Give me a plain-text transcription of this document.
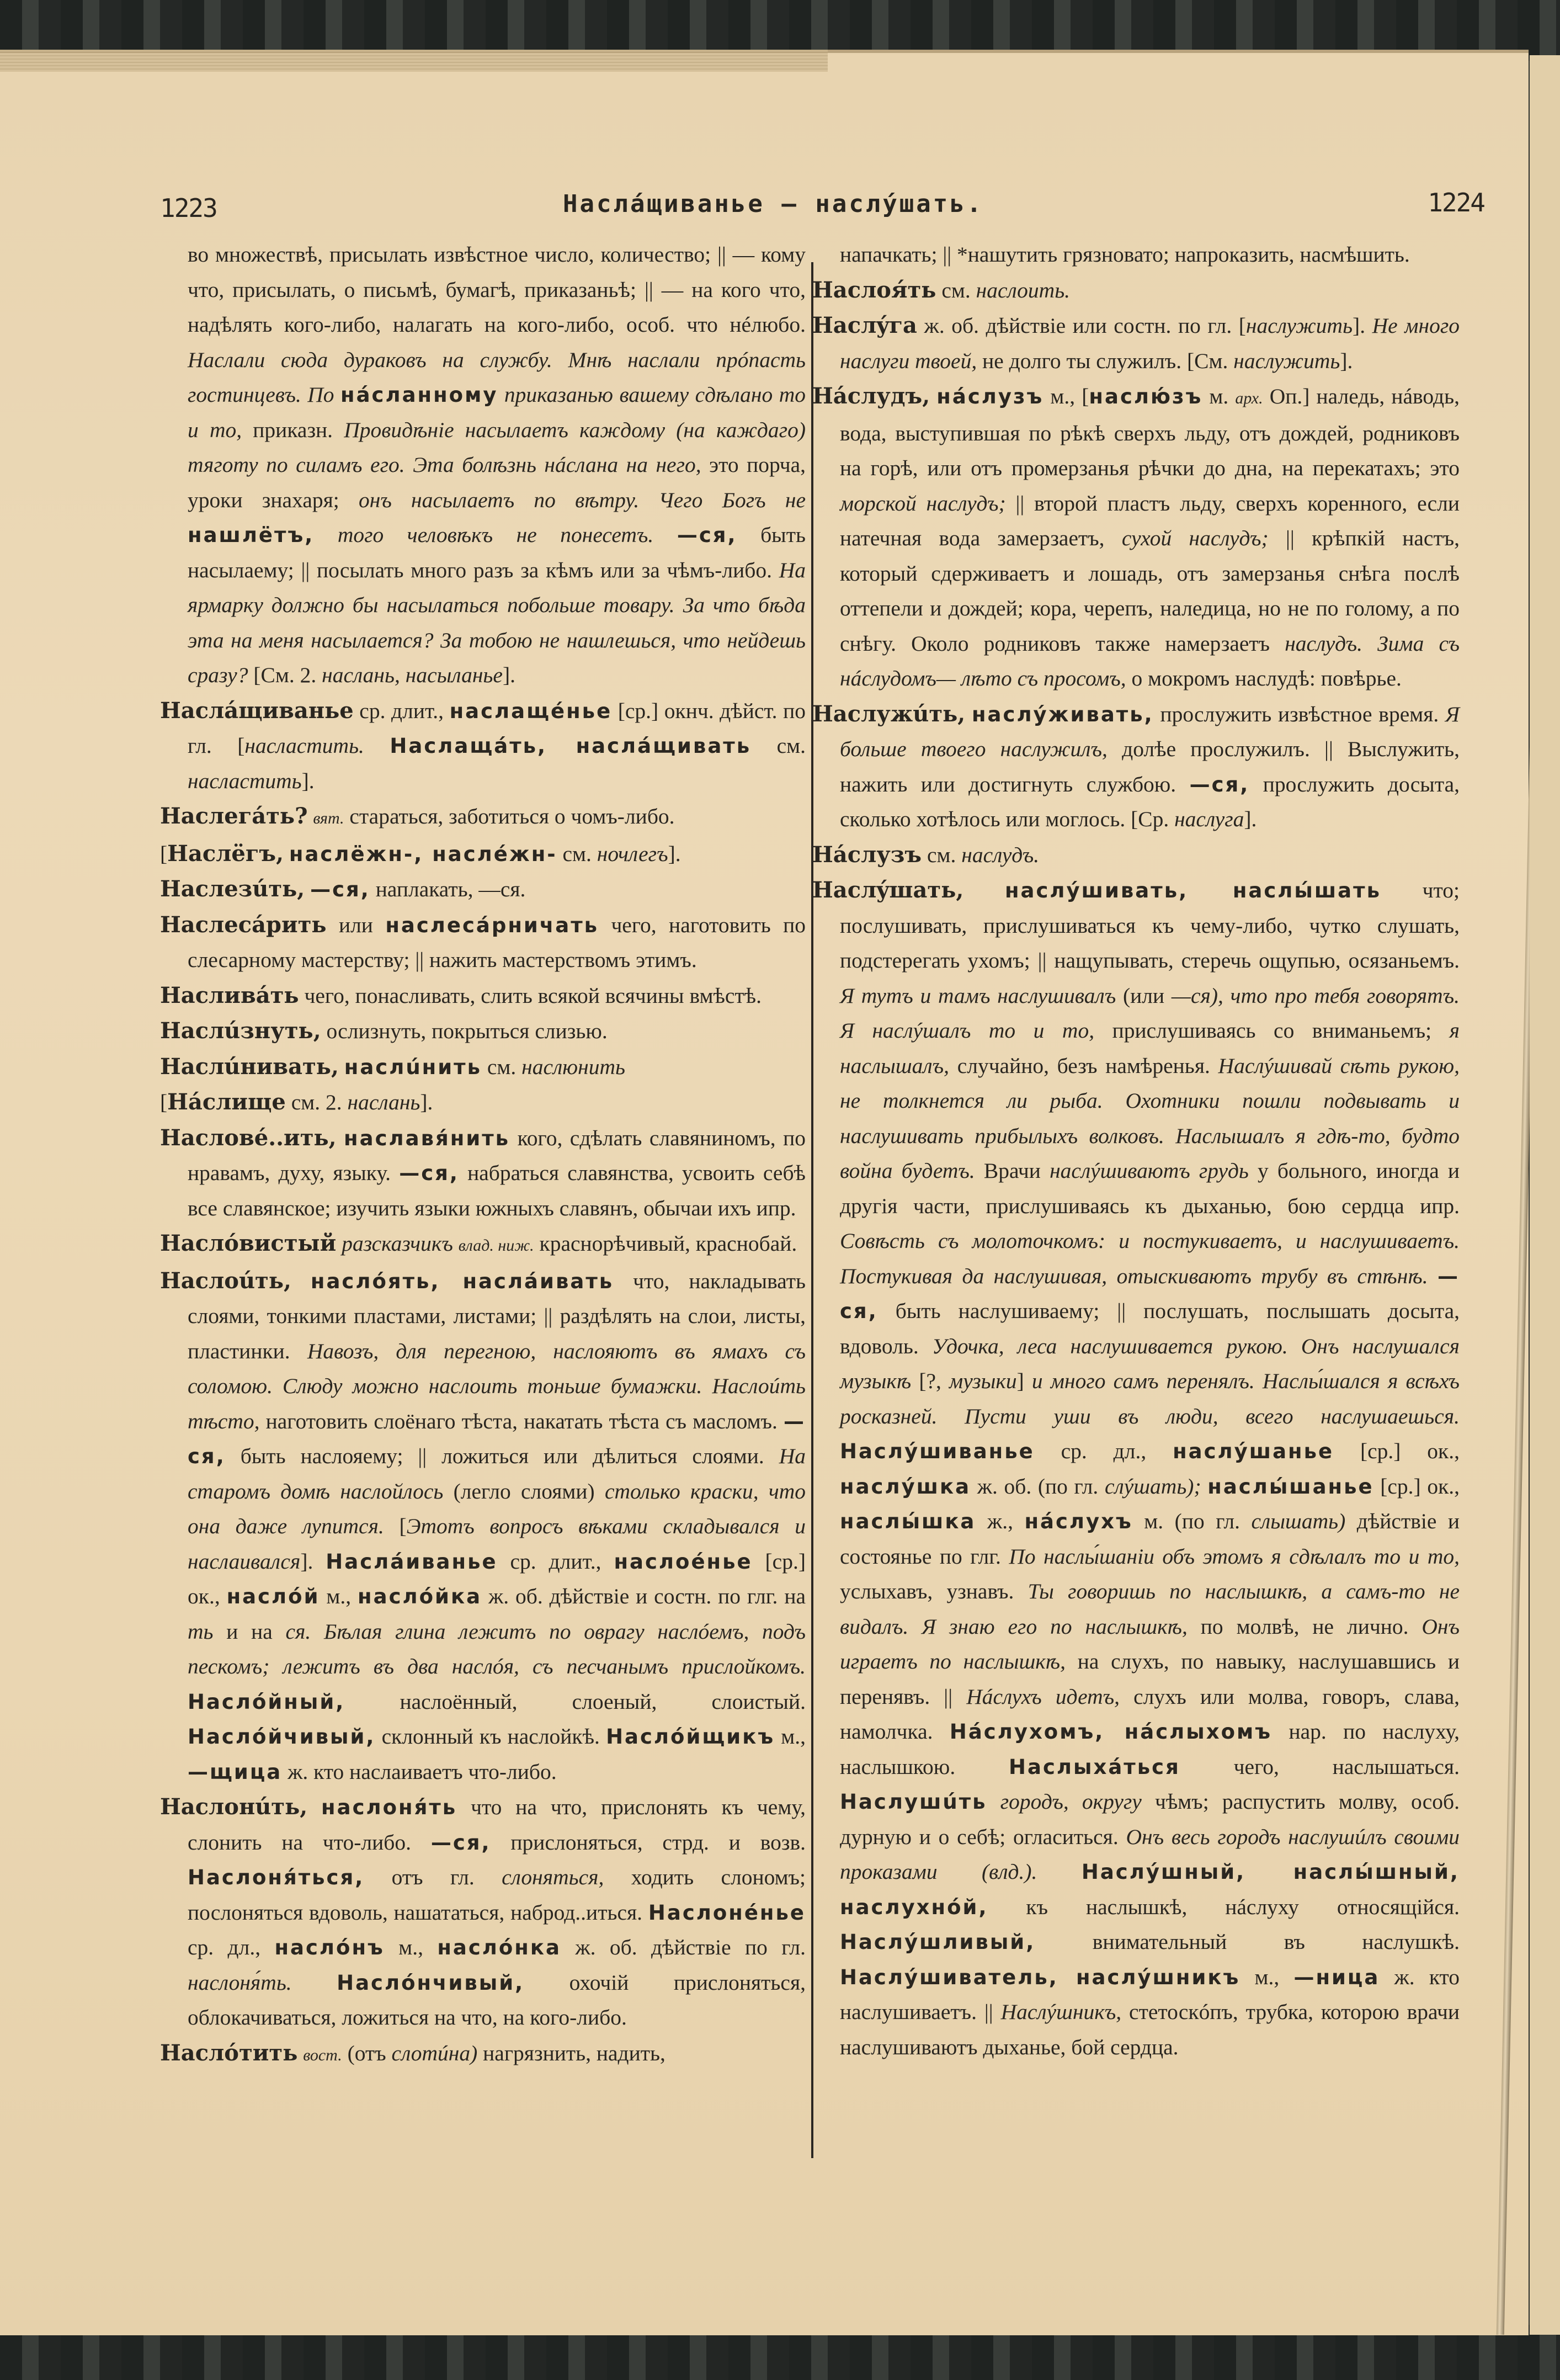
1223	Наслáщиванье — наслýшать.	1224

во множествѣ, присылать извѣстное число, количество; || — кому что, присылать, о письмѣ, бумагѣ, приказаньѣ; || — на кого что, надѣлять кого-либо, налагать на кого-либо, особ. что нéлюбо. Наслали сюда дураковъ на службу. Мнѣ наслали прóпасть гостинцевъ. По нáсланному приказанью вашему сдѣлано то и то, приказн. Провидѣніе насылаетъ каждому (на каждаго) тяготу по силамъ его. Эта болѣзнь нáслана на него, это порча, уроки знахаря; онъ насылаетъ по вѣтру. Чего Богъ не нашлётъ, того человѣкъ не понесетъ. —ся, быть насылаему; || посылать много разъ за кѣмъ или за чѣмъ-либо. На ярмарку должно бы насылаться побольше товару. За что бѣда эта на меня насылается? За тобою не нашлешься, что нейдешь сразу? [См. 2. наслань, насыланье].

Наслáщиванье ср. длит., наслащéнье [ср.] окнч. дѣйст. по гл. [насластить. Наслащáть, наслáщивать см. насластить].

Наслегáть? вят. стараться, заботиться о чомъ-либо.

[Наслёгъ, наслёжн-, наслéжн- см. ночлегъ].

Наслезúть, —ся, наплакать, —ся.

Наслесáрить или наслесáрничать чего, наготовить по слесарному мастерству; || нажить мастерствомъ этимъ.

Насливáть чего, понасливать, слить всякой всячины вмѣстѣ.

Наслúзнуть, ослизнуть, покрыться слизью.

Наслúнивать, наслúнить см. наслюнить

[Нáслище см. 2. наслань].

Насловé..ить, наславя́нить кого, сдѣлать славяниномъ, по нравамъ, духу, языку. —ся, набраться славянства, усвоить себѣ все славянское; изучить языки южныхъ славянъ, обычаи ихъ ипр.

Наслóвистый разсказчикъ влад. ниж. краснорѣчивый, краснобай.

Наслоúть, насло́ять, наслáивать что, накладывать слоями, тонкими пластами, листами; || раздѣлять на слои, листы, пластинки. Навозъ, для перегною, наслояютъ въ ямахъ съ соломою. Слюду можно наслоить тоньше бумажки. Наслоúть тѣсто, наготовить слоёнаго тѣста, накатать тѣста съ масломъ. —ся, быть наслояему; || ложиться или дѣлиться слоями. На старомъ домѣ наслойлось (легло слоями) столько краски, что она даже лупится. [Этотъ вопросъ вѣками складывался и наслаивался]. Наслáиванье ср. длит., наслоéнье [ср.] ок., наслóй м., наслóйка ж. об. дѣйствіе и состн. по глг. на ть и на ся. Бѣлая глина лежитъ по оврагу наслóемъ, подъ пескомъ; лежитъ въ два наслóя, съ песчанымъ прислойкомъ. Наслóйный, наслоённый, слоеный, слоистый. Наслóйчивый, склонный къ наслойкѣ. Наслóйщикъ м., —щица ж. кто наслаиваетъ что-либо.

Наслонúть, наслоня́ть что на что, прислонять къ чему, слонить на что-либо. —ся, прислоняться, стрд. и возв. Наслоня́ться, отъ гл. слоняться, ходить слономъ; послоняться вдоволь, нашататься, наброд..иться. Наслонéнье ср. дл., наслóнъ м., наслóнка ж. об. дѣйствіе по гл. наслоня́ть. Наслóнчивый, охочій прислоняться, облокачиваться, ложиться на что, на кого-либо.

Наслóтить вост. (отъ слотúна) нагрязнить, надить,

напачкать; || *нашутить грязновато; напроказить, насмѣшить.

Наслоя́ть см. наслоить.

Наслýга ж. об. дѣйствіе или состн. по гл. [наслужить]. Не много наслуги твоей, не долго ты служилъ. [См. наслужить].

Нáслудъ, нáслузъ м., [наслю́зъ м. арх. Оп.] наледь, нáводь, вода, выступившая по рѣкѣ сверхъ льду, отъ дождей, родниковъ на горѣ, или отъ промерзанья рѣчки до дна, на перекатахъ; это морской наслудъ; || второй пластъ льду, сверхъ коренного, если натечная вода замерзаетъ, сухой наслудъ; || крѣпкій настъ, который сдерживаетъ и лошадь, отъ замерзанья снѣга послѣ оттепели и дождей; кора, черепъ, наледица, но не по голому, а по снѣгу. Около родниковъ также намерзаетъ наслудъ. Зима съ нáслудомъ— лѣто съ просомъ, о мокромъ наслудѣ: повѣрье.

Наслужúть, наслýживать, прослужить извѣстное время. Я больше твоего наслужилъ, долѣе прослужилъ. || Выслужить, нажить или достигнуть службою. —ся, прослужить досыта, сколько хотѣлось или моглось. [Ср. наслуга].

Нáслузъ см. наслудъ.

Наслýшать, наслýшивать, наслы́шать что; послушивать, прислушиваться къ чему-либо, чутко слушать, подстерегать ухомъ; || нащупывать, стеречь ощупью, осязаньемъ. Я тутъ и тамъ наслушивалъ (или —ся), что про тебя говорятъ. Я наслýшалъ то и то, прислушиваясь со вниманьемъ; я наслышалъ, случайно, безъ намѣренья. Наслýшивай сѣть рукою, не толкнется ли рыба. Охотники пошли подвывать и наслушивать прибылыхъ волковъ. Наслышалъ я гдѣ-то, будто война будетъ. Врачи наслýшиваютъ грудь у больного, иногда и другія части, прислушиваясь къ дыханью, бою сердца ипр. Совѣсть съ молоточкомъ: и постукиваетъ, и наслушиваетъ. Постукивая да наслушивая, отыскиваютъ трубу въ стѣнѣ. —ся, быть наслушиваему; || послушать, послышать досыта, вдоволь. Удочка, леса наслушивается рукою. Онъ наслушался музыкѣ [?, музыки] и много самъ перенялъ. Наслы́шался я всѣхъ росказней. Пусти уши въ люди, всего наслушаешься. Наслýшиванье ср. дл., наслýшанье [ср.] ок., наслýшка ж. об. (по гл. слýшать); наслы́шанье [ср.] ок., наслы́шка ж., нáслухъ м. (по гл. слышать) дѣйствіе и состоянье по глг. По наслы́шаніи объ этомъ я сдѣлалъ то и то, услыхавъ, узнавъ. Ты говоришь по наслышкѣ, а самъ-то не видалъ. Я знаю его по наслышкѣ, по молвѣ, не лично. Онъ играетъ по наслышкѣ, на слухъ, по навыку, наслушавшись и перенявъ. || Нáслухъ идетъ, слухъ или молва, говоръ, слава, намолчка. Нáслухомъ, нáслыхомъ нар. по наслуху, наслышкою. Наслыхáться чего, наслышаться. Наслушúть городъ, округу чѣмъ; распустить молву, особ. дурную и о себѣ; огласиться. Онъ весь городъ наслушúлъ своими проказами (влд.). Наслýшный, наслы́шный, наслухнóй, къ наслышкѣ, нáслуху относящійся. Наслýшливый, внимательный въ наслушкѣ. Наслýшиватель, наслýшникъ м., —ница ж. кто наслушиваетъ. || Наслýшникъ, стетоскóпъ, трубка, которою врачи наслушиваютъ дыханье, бой сердца.
